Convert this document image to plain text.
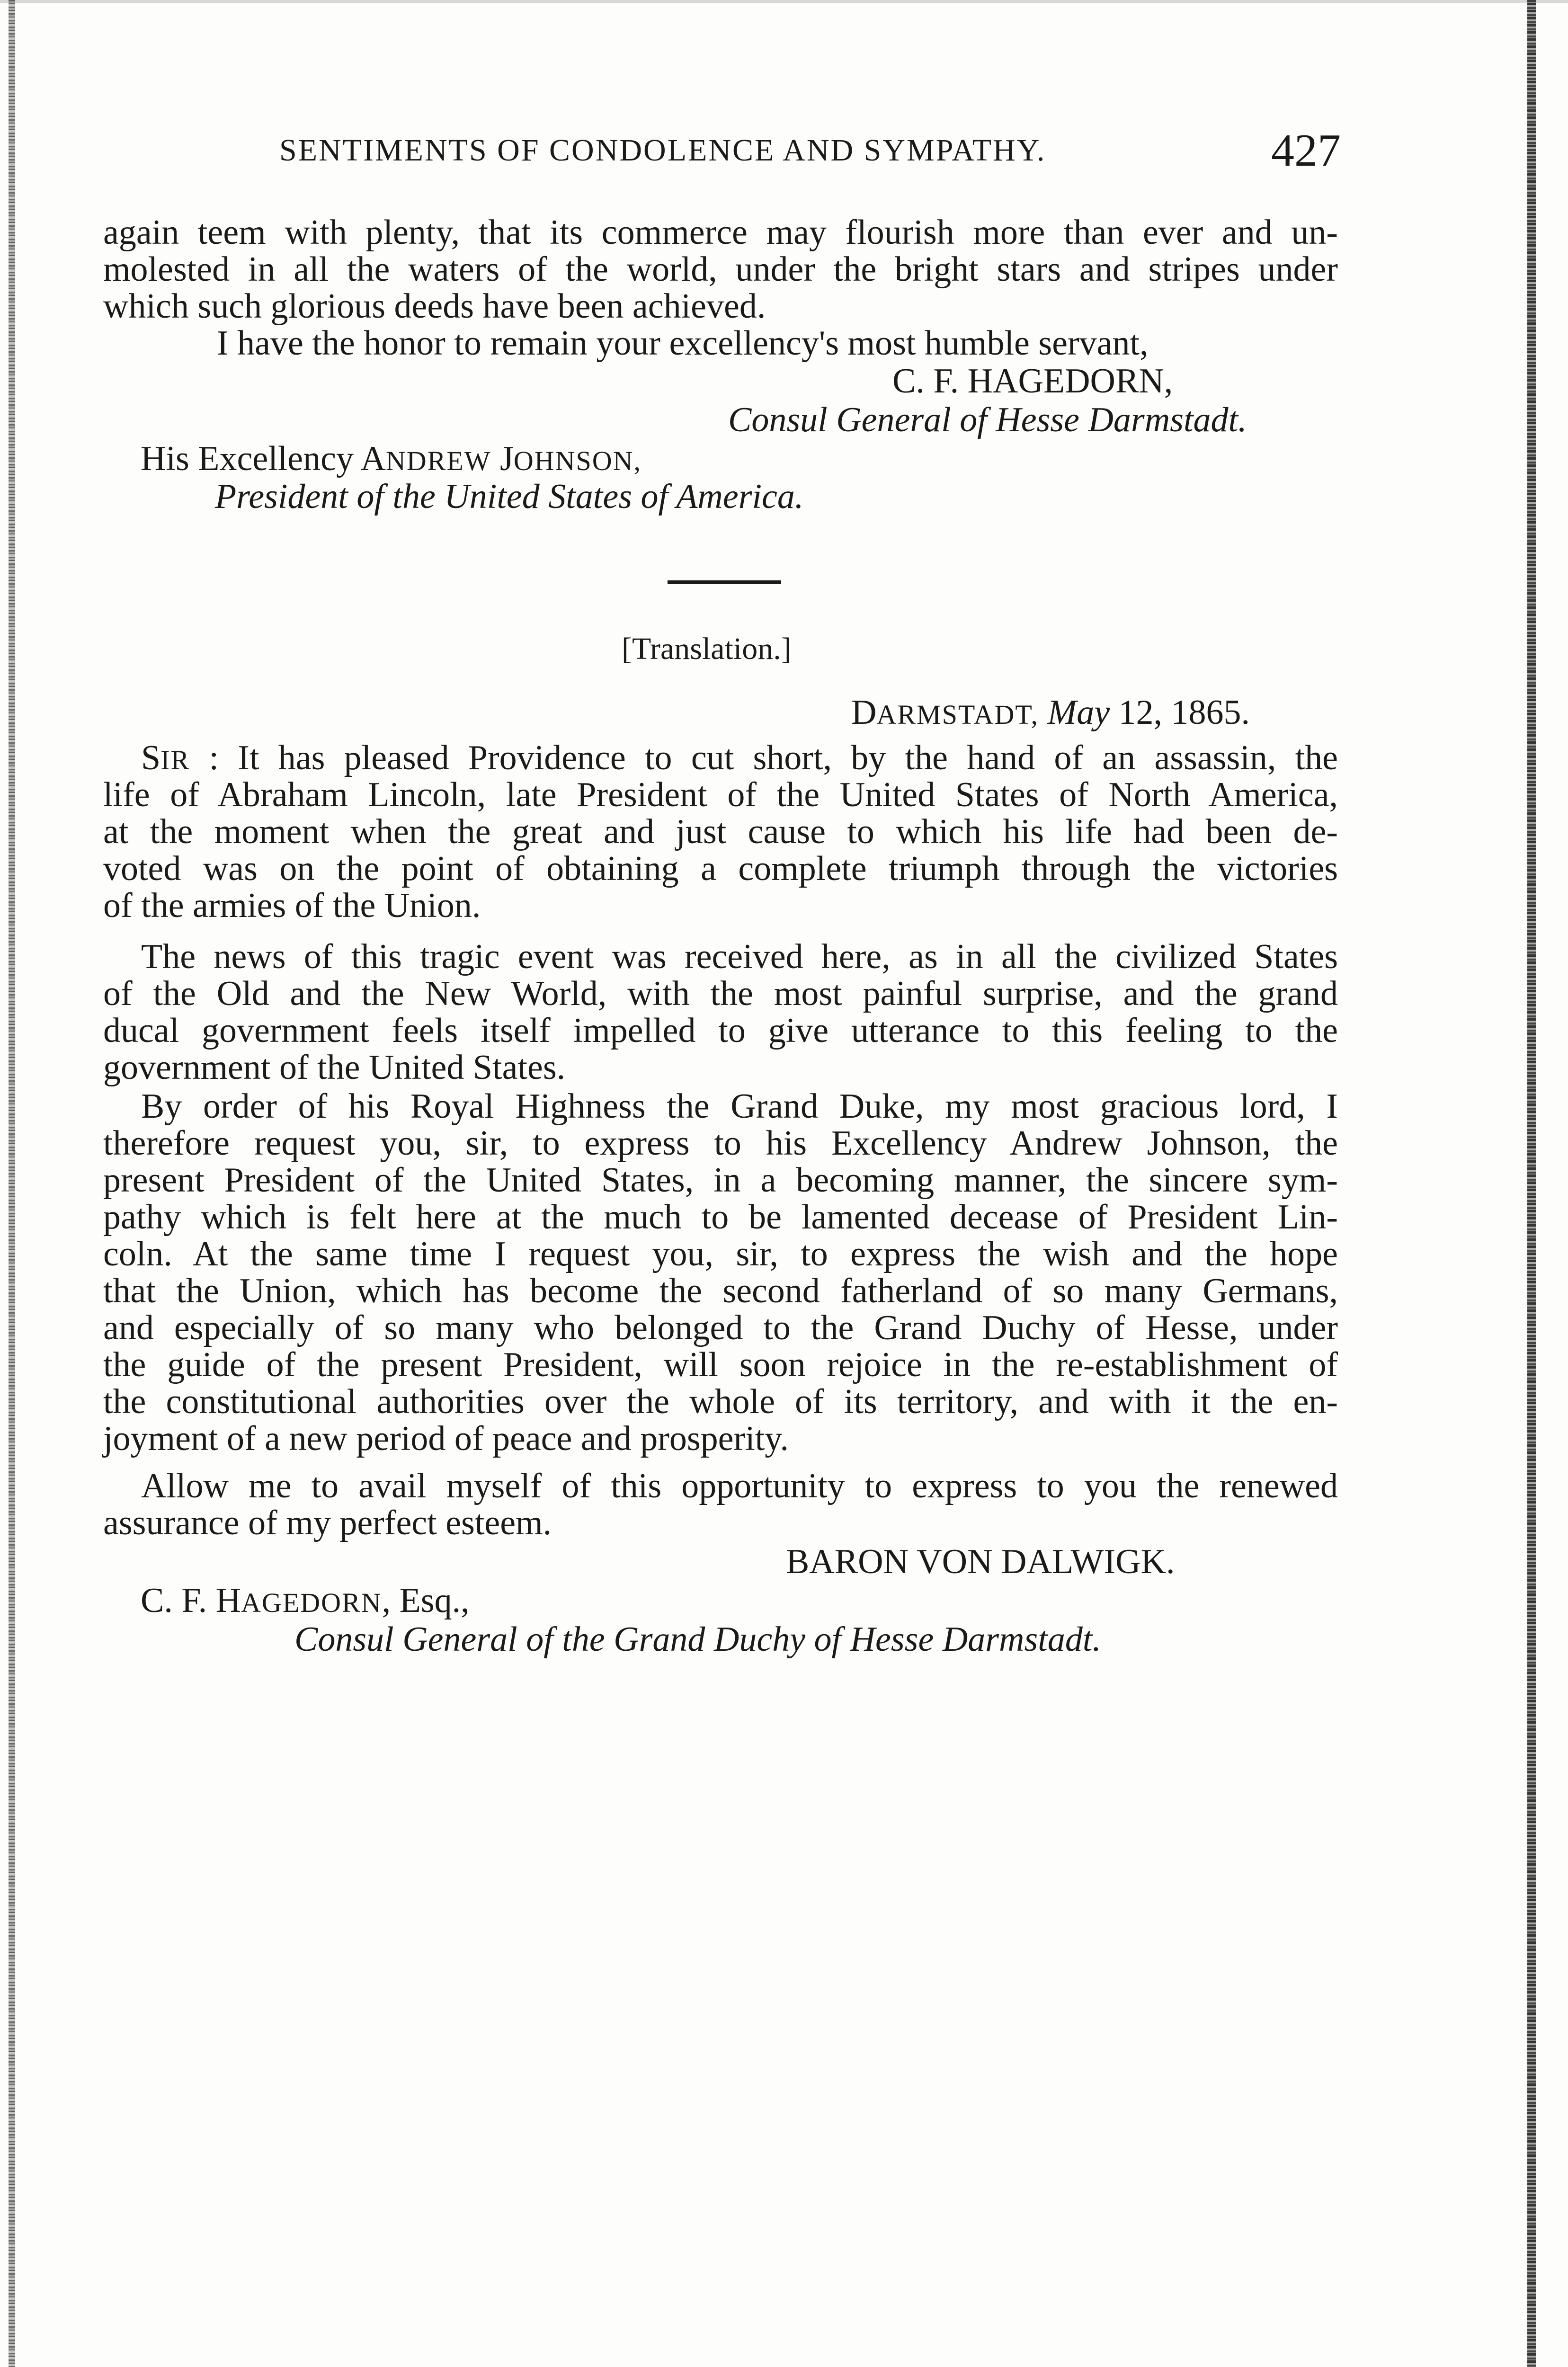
SENTIMENTS OF CONDOLENCE AND SYMPATHY.	427
again teem with plenty, that its commerce may flourish more than ever and un-
molested in all the waters of the world, under the bright stars and stripes under
which such glorious deeds have been achieved.
I have the honor to remain your excellency's most humble servant,
C. F. HAGEDORN,
Consul General of Hesse Darmstadt.
His Excellency ANDREW JOHNSON,
President of the United States of America.
[Translation.]
DARMSTADT, May 12, 1865.
SIR : It has pleased Providence to cut short, by the hand of an assassin, the
life of Abraham Lincoln, late President of the United States of North America,
at the moment when the great and just cause to which his life had been de-
voted was on the point of obtaining a complete triumph through the victories
of the armies of the Union.
The news of this tragic event was received here, as in all the civilized States
of the Old and the New World, with the most painful surprise, and the grand
ducal government feels itself impelled to give utterance to this feeling to the
government of the United States.
By order of his Royal Highness the Grand Duke, my most gracious lord, I
therefore request you, sir, to express to his Excellency Andrew Johnson, the
present President of the United States, in a becoming manner, the sincere sym-
pathy which is felt here at the much to be lamented decease of President Lin-
coln. At the same time I request you, sir, to express the wish and the hope
that the Union, which has become the second fatherland of so many Germans,
and especially of so many who belonged to the Grand Duchy of Hesse, under
the guide of the present President, will soon rejoice in the re-establishment of
the constitutional authorities over the whole of its territory, and with it the en-
joyment of a new period of peace and prosperity.
Allow me to avail myself of this opportunity to express to you the renewed
assurance of my perfect esteem.
BARON VON DALWIGK.
C. F. HAGEDORN, Esq.,
Consul General of the Grand Duchy of Hesse Darmstadt.
